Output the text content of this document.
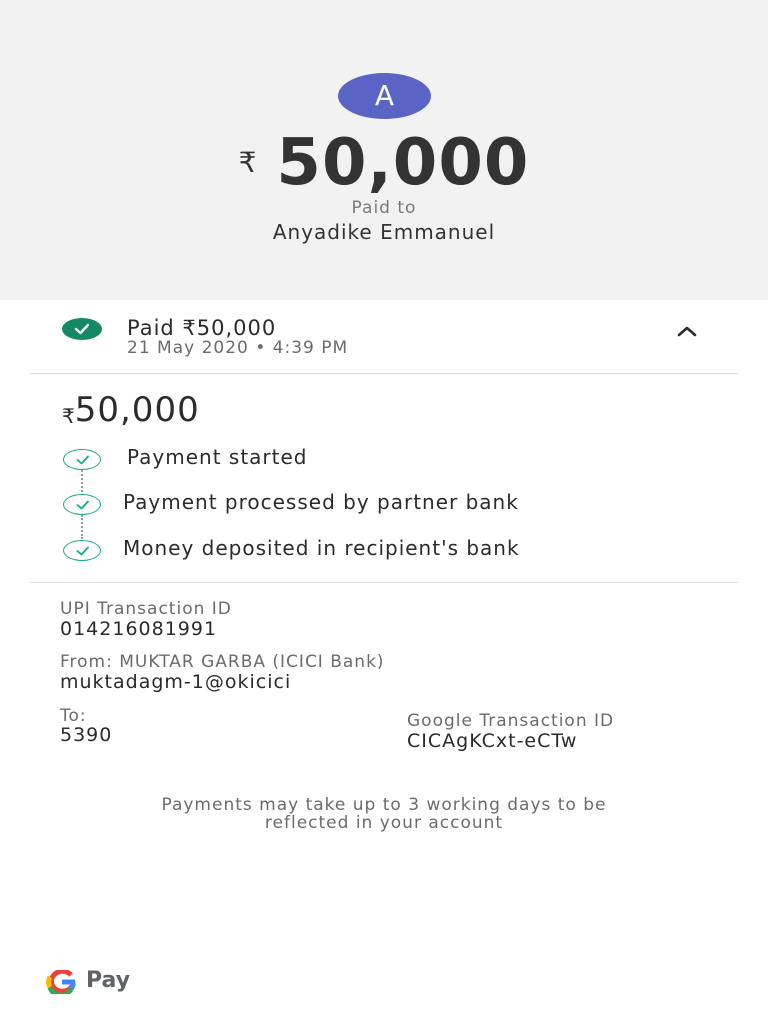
A
₹ 50,000
Paid to
Anyadike Emmanuel
Paid ₹50,000
21 May 2020 • 4:39 PM
₹50,000
Payment started
Payment processed by partner bank
Money deposited in recipient's bank
UPI Transaction ID
014216081991
From: MUKTAR GARBA (ICICI Bank)
muktadagm-1@okicici
To:
5390
Google Transaction ID
CICAgKCxt-eCTw
Payments may take up to 3 working days to be
reflected in your account
Pay
